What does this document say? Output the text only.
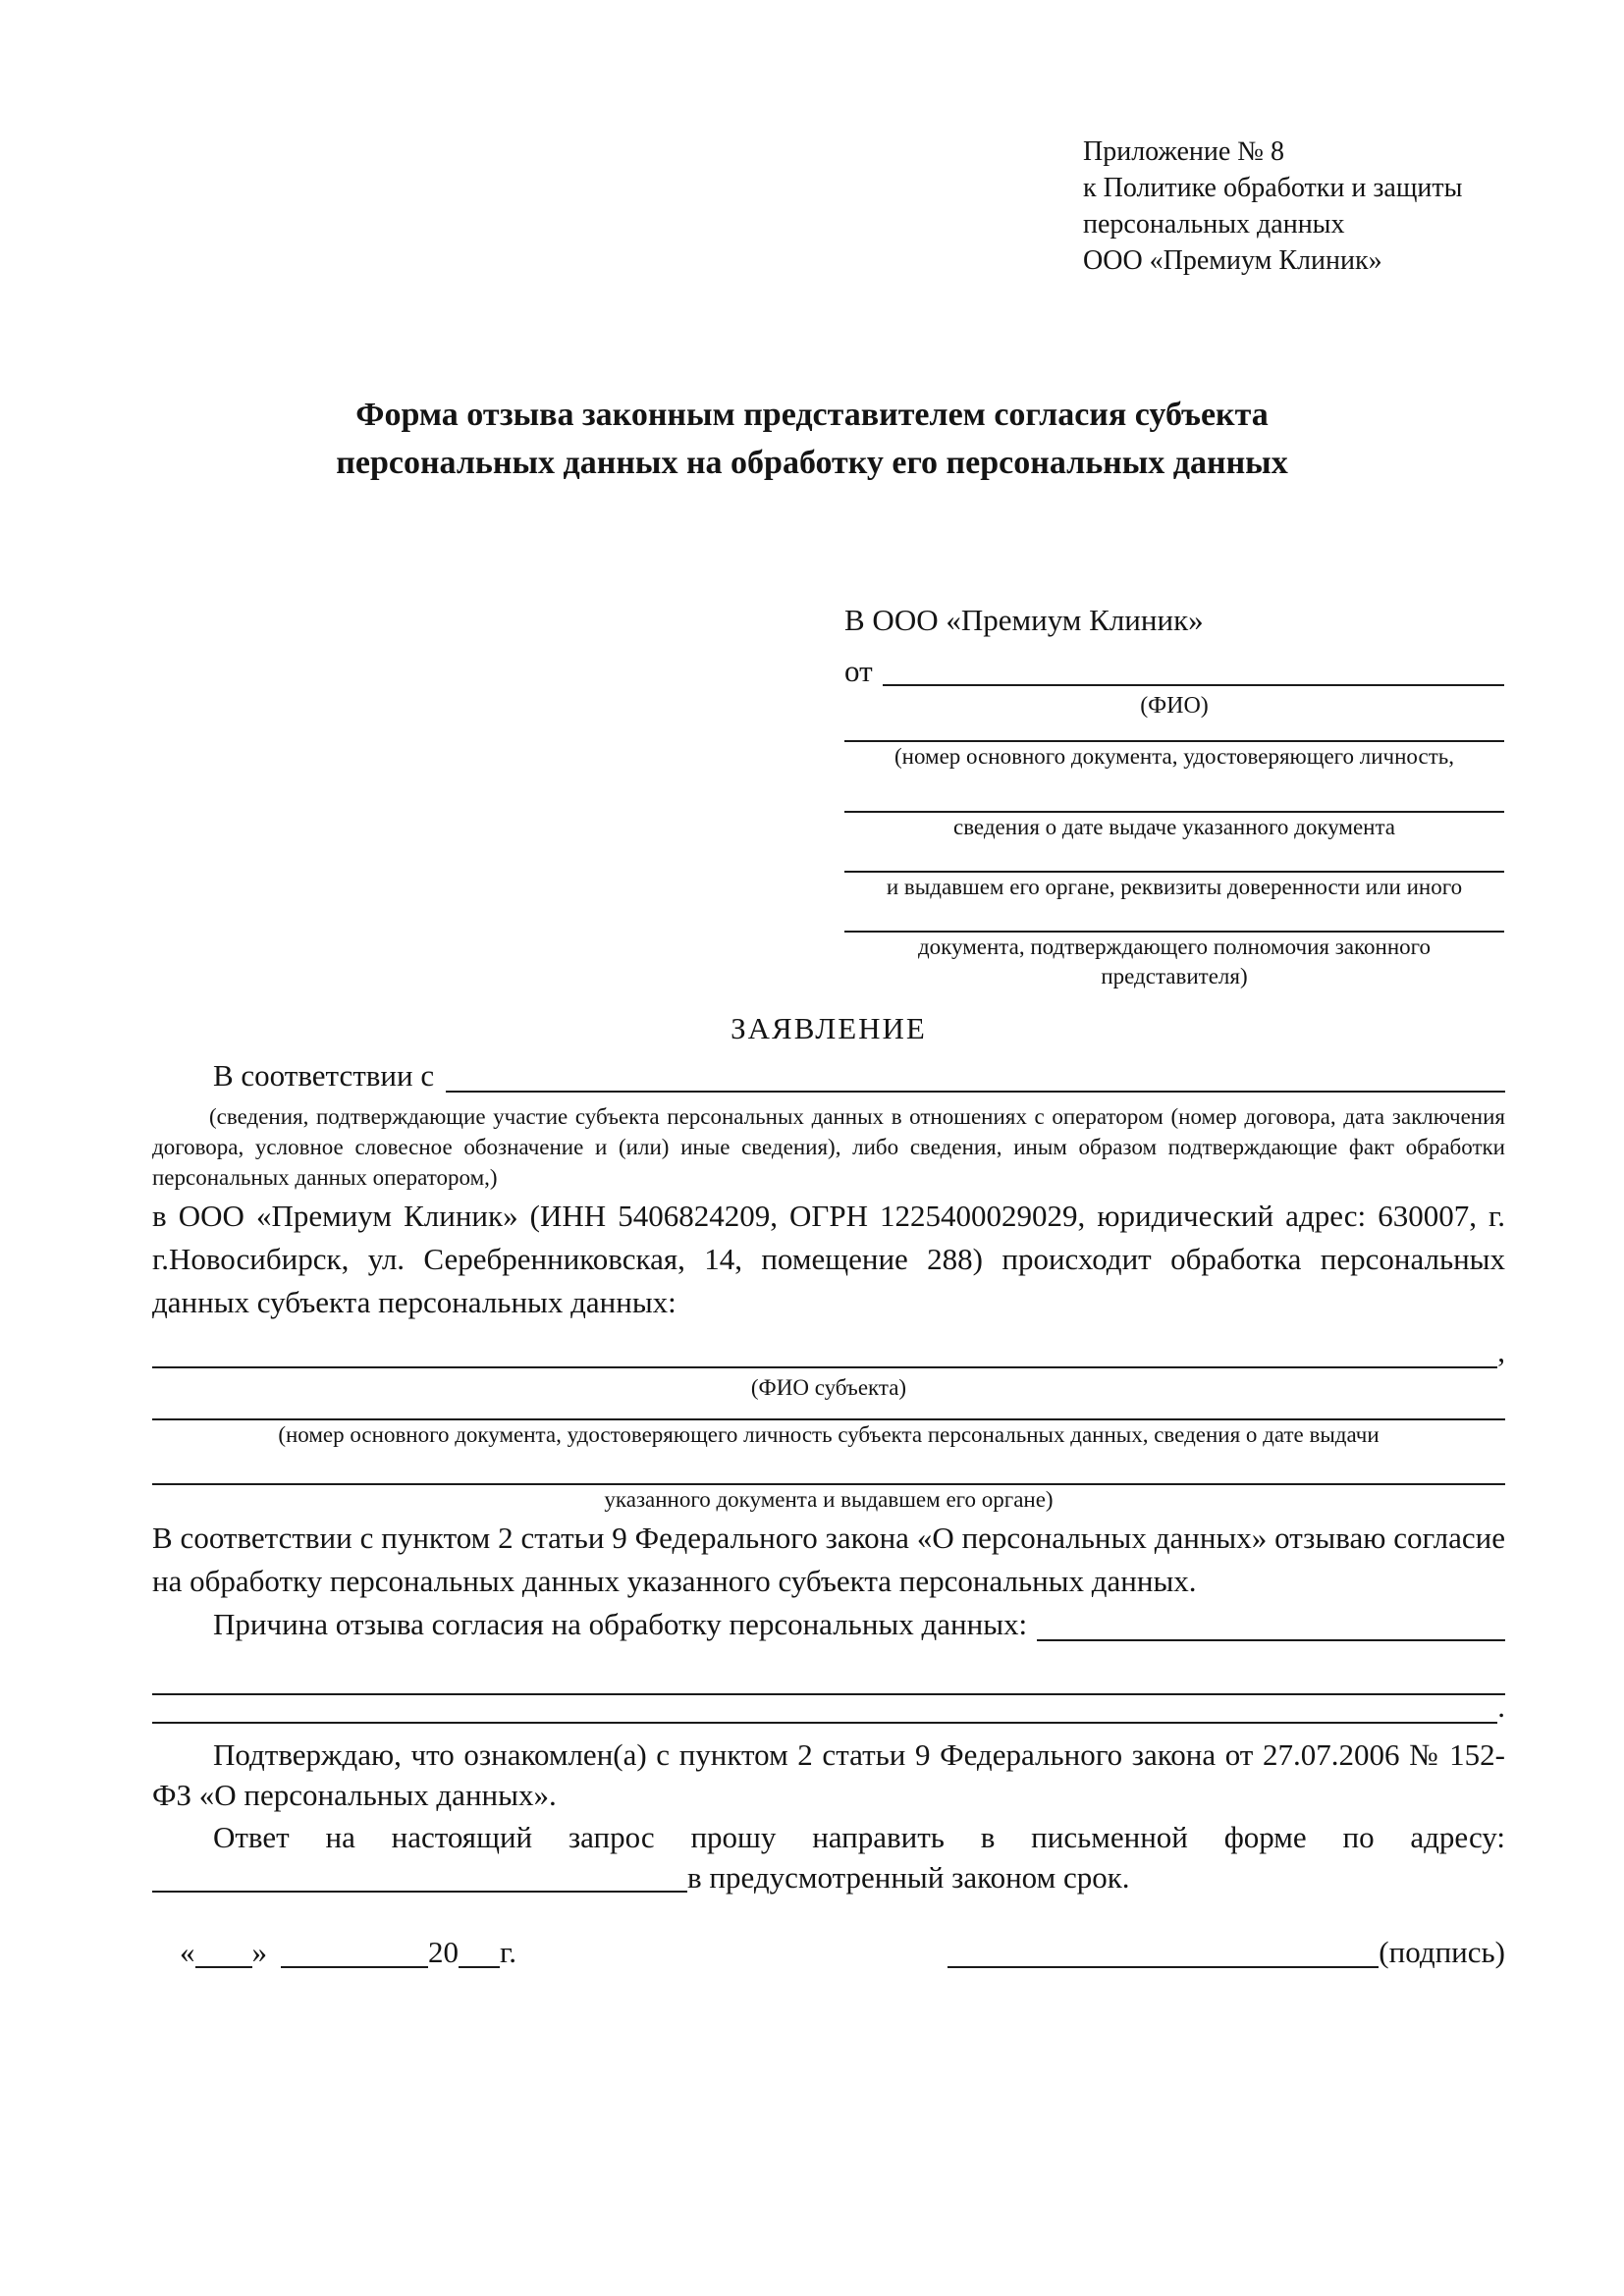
Приложение № 8
к Политике обработки и защиты
персональных данных
ООО «Премиум Клиник»
Форма отзыва законным представителем согласия субъекта
персональных данных на обработку его персональных данных
В ООО «Премиум Клиник»
от
(ФИО)
(номер основного документа, удостоверяющего личность,
сведения о дате выдаче указанного документа
и выдавшем его органе, реквизиты доверенности или иного
документа, подтверждающего полномочия законного представителя)
ЗАЯВЛЕНИЕ
В соответствии с

(сведения, подтверждающие участие субъекта персональных данных в отношениях с оператором (номер договора, дата заключения договора, условное словесное обозначение и (или) иные сведения), либо сведения, иным образом подтверждающие факт обработки персональных данных оператором,)

в ООО «Премиум Клиник» (ИНН 5406824209, ОГРН 1225400029029, юридический адрес: 630007, г. г.Новосибирск, ул. Серебренниковская, 14, помещение 288) происходит обработка персональных данных субъекта персональных данных:

,
(ФИО субъекта)
(номер основного документа, удостоверяющего личность субъекта персональных данных, сведения о дате выдачи
указанного документа и выдавшем его органе)

В соответствии с пунктом 2 статьи 9 Федерального закона «О персональных данных» отзываю согласие на обработку персональных данных указанного субъекта персональных данных.

Причина отзыва согласия на обработку персональных данных:
.

Подтверждаю, что ознакомлен(а) с пунктом 2 статьи 9 Федерального закона от 27.07.2006 № 152-ФЗ «О персональных данных».

Ответ на настоящий запрос прошу направить в письменной форме по адресу:

в предусмотренный законом срок.
« »	20 г.	(подпись)
